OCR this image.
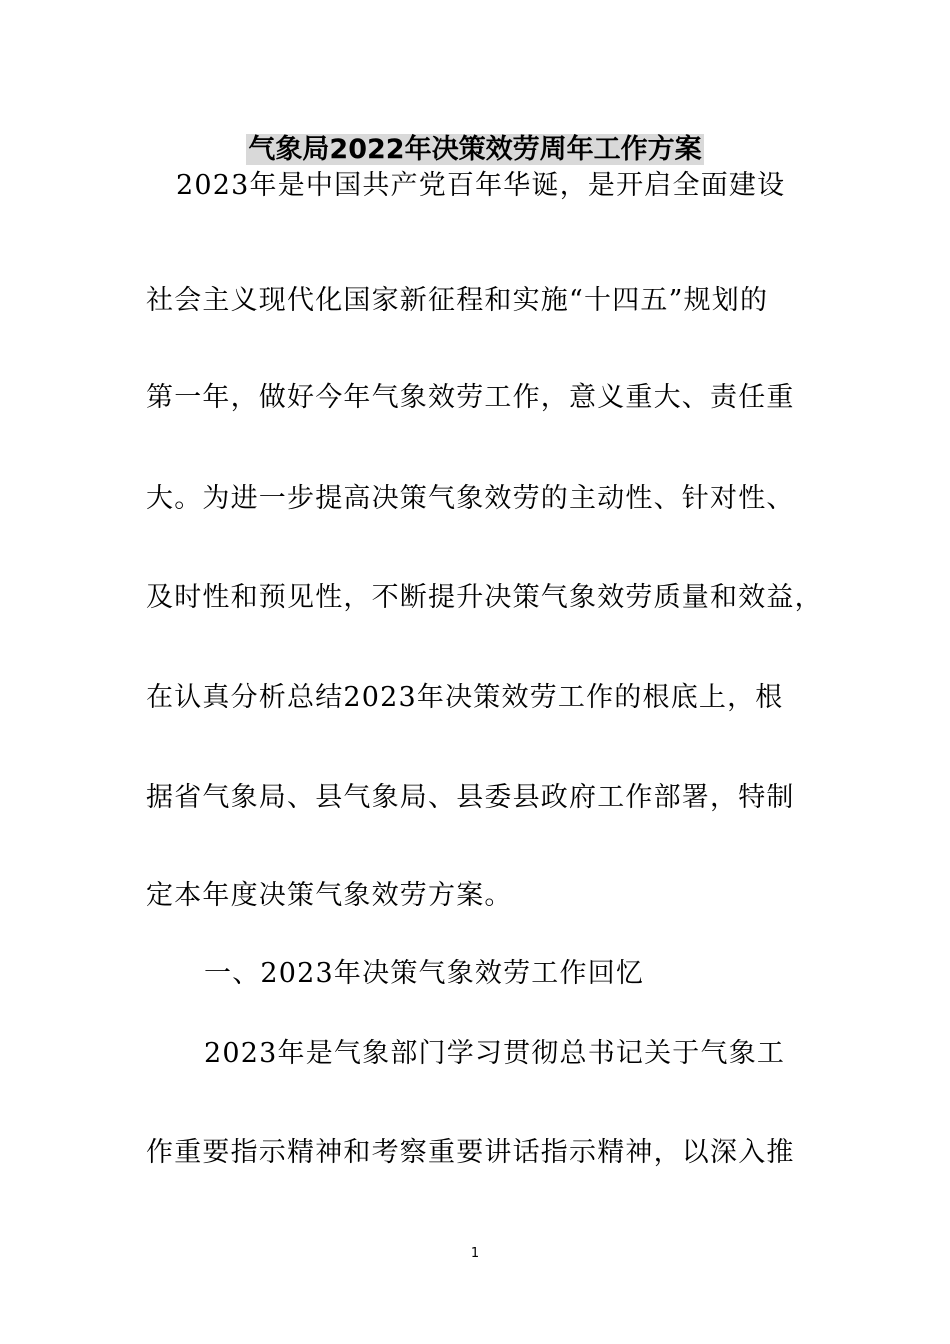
气象局2022年决策效劳周年工作方案
2023年是中国共产党百年华诞，是开启全面建设
社会主义现代化国家新征程和实施“十四五”规划的
第一年，做好今年气象效劳工作，意义重大、责任重
大。为进一步提高决策气象效劳的主动性、针对性、
及时性和预见性，不断提升决策气象效劳质量和效益，
在认真分析总结2023年决策效劳工作的根底上，根
据省气象局、县气象局、县委县政府工作部署，特制
定本年度决策气象效劳方案。
一、2023年决策气象效劳工作回忆
2023年是气象部门学习贯彻总书记关于气象工
作重要指示精神和考察重要讲话指示精神，以深入推
1
